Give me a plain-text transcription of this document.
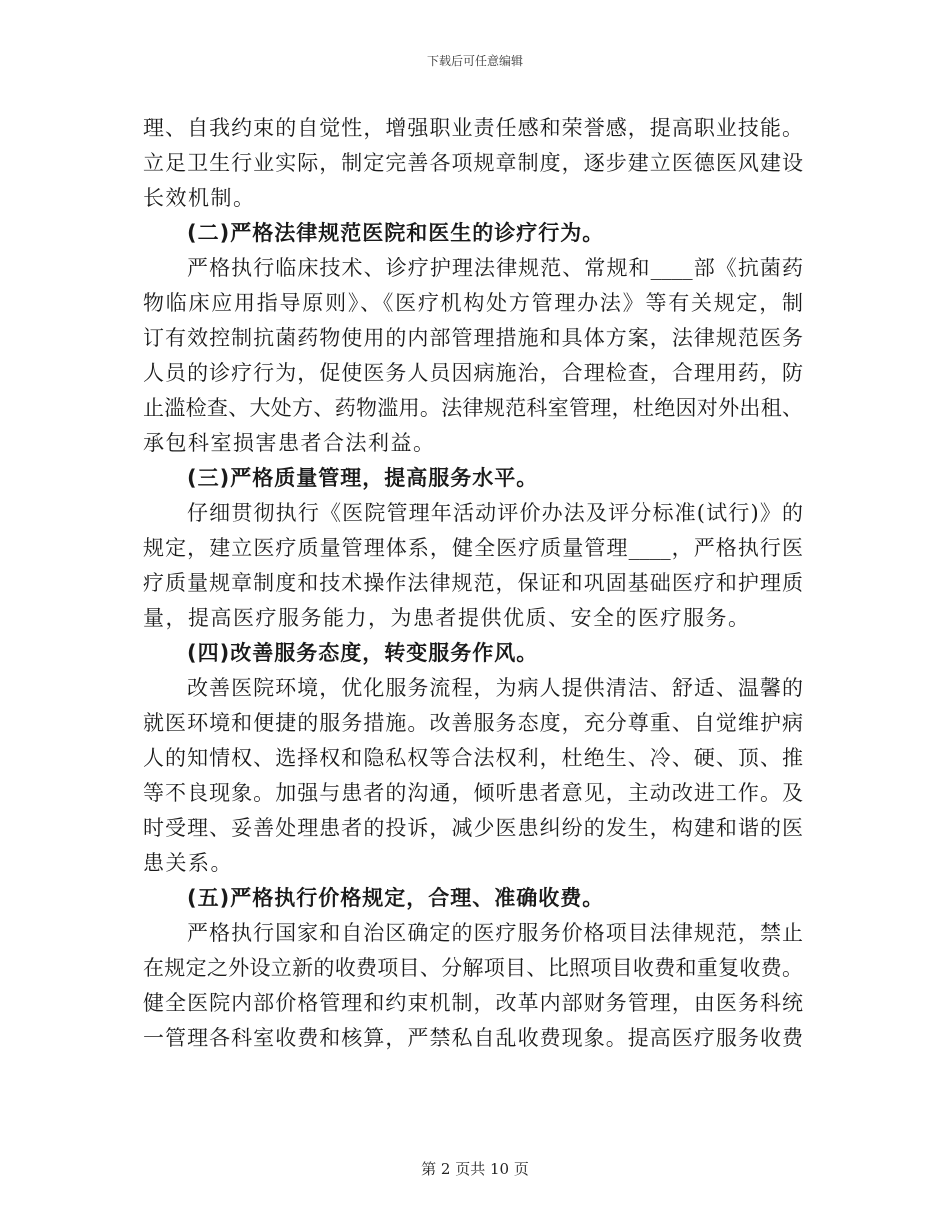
下载后可任意编辑
理、自我约束的自觉性，增强职业责任感和荣誉感，提高职业技能。
立足卫生行业实际，制定完善各项规章制度，逐步建立医德医风建设
长效机制。
(二)严格法律规范医院和医生的诊疗行为。
严格执行临床技术、诊疗护理法律规范、常规和____部《抗菌药
物临床应用指导原则》、《医疗机构处方管理办法》等有关规定，制
订有效控制抗菌药物使用的内部管理措施和具体方案，法律规范医务
人员的诊疗行为，促使医务人员因病施治，合理检查，合理用药，防
止滥检查、大处方、药物滥用。法律规范科室管理，杜绝因对外出租、
承包科室损害患者合法利益。
(三)严格质量管理，提高服务水平。
仔细贯彻执行《医院管理年活动评价办法及评分标准(试行)》的
规定，建立医疗质量管理体系，健全医疗质量管理____，严格执行医
疗质量规章制度和技术操作法律规范，保证和巩固基础医疗和护理质
量，提高医疗服务能力，为患者提供优质、安全的医疗服务。
(四)改善服务态度，转变服务作风。
改善医院环境，优化服务流程，为病人提供清洁、舒适、温馨的
就医环境和便捷的服务措施。改善服务态度，充分尊重、自觉维护病
人的知情权、选择权和隐私权等合法权利，杜绝生、冷、硬、顶、推
等不良现象。加强与患者的沟通，倾听患者意见，主动改进工作。及
时受理、妥善处理患者的投诉，减少医患纠纷的发生，构建和谐的医
患关系。
(五)严格执行价格规定，合理、准确收费。
严格执行国家和自治区确定的医疗服务价格项目法律规范，禁止
在规定之外设立新的收费项目、分解项目、比照项目收费和重复收费。
健全医院内部价格管理和约束机制，改革内部财务管理，由医务科统
一管理各科室收费和核算，严禁私自乱收费现象。提高医疗服务收费
第 2 页共 10 页
